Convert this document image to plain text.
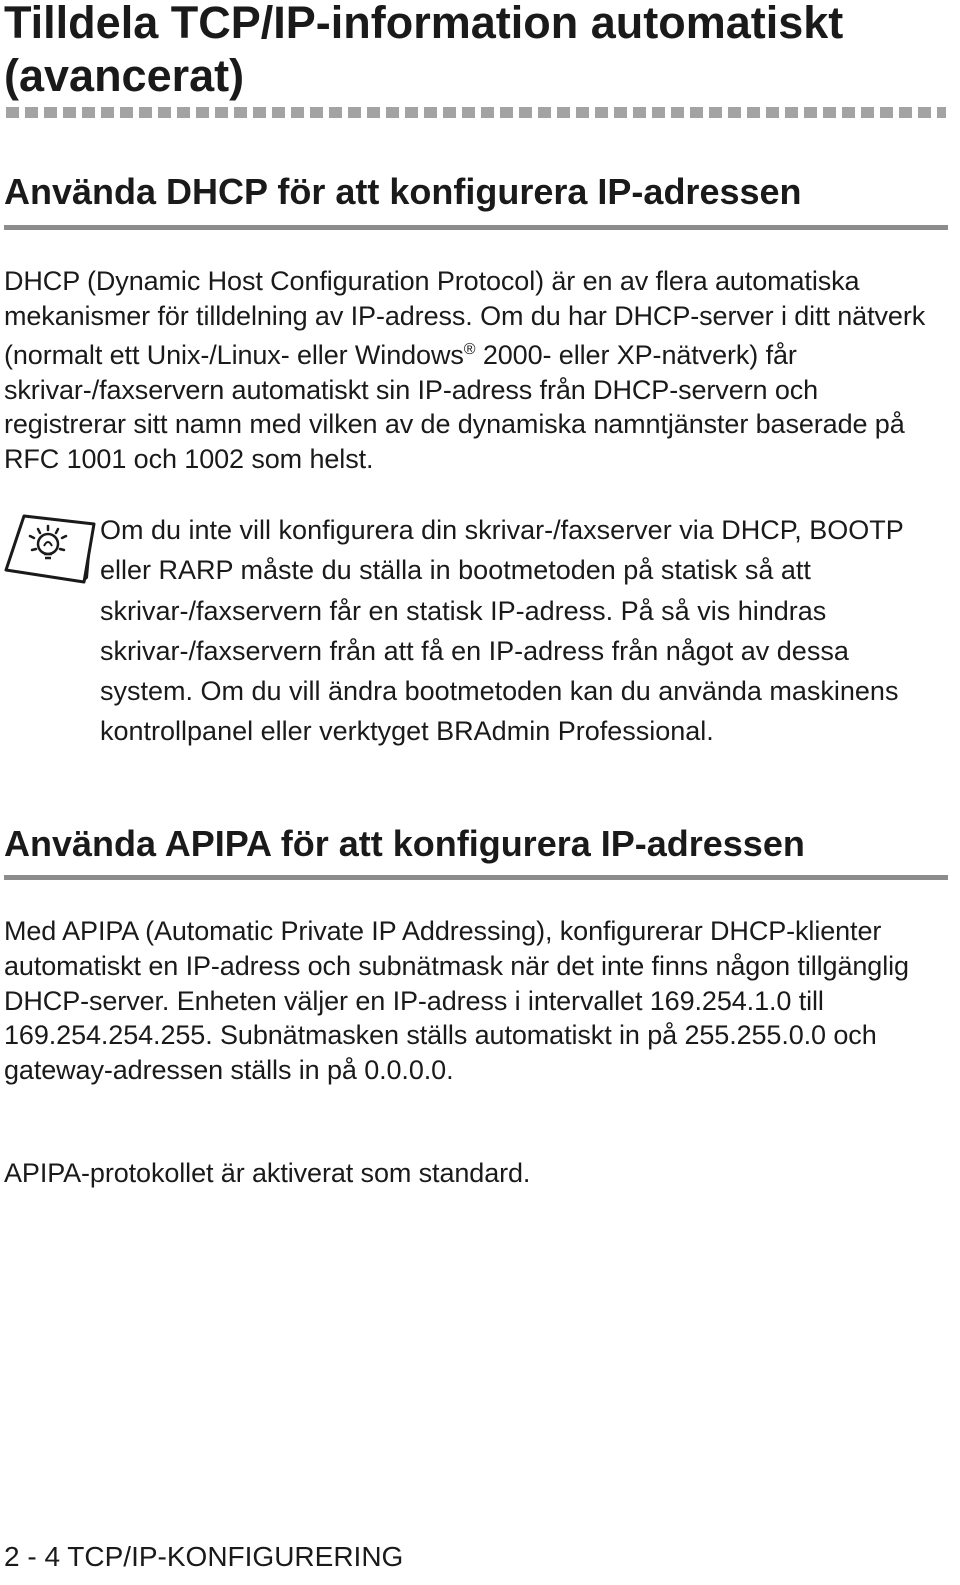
Tilldela TCP/IP-information automatiskt (avancerat)
Använda DHCP för att konfigurera IP-adressen

DHCP (Dynamic Host Configuration Protocol) är en av flera automatiska mekanismer för tilldelning av IP-adress. Om du har DHCP-server i ditt nätverk (normalt ett Unix-/Linux- eller Windows® 2000- eller XP-nätverk) får skrivar-/faxservern automatiskt sin IP-adress från DHCP-servern och registrerar sitt namn med vilken av de dynamiska namntjänster baserade på RFC 1001 och 1002 som helst.

Om du inte vill konfigurera din skrivar-/faxserver via DHCP, BOOTP eller RARP måste du ställa in bootmetoden på statisk så att skrivar-/faxservern får en statisk IP-adress. På så vis hindras skrivar-/faxservern från att få en IP-adress från något av dessa system. Om du vill ändra bootmetoden kan du använda maskinens kontrollpanel eller verktyget BRAdmin Professional.

Använda APIPA för att konfigurera IP-adressen

Med APIPA (Automatic Private IP Addressing), konfigurerar DHCP-klienter automatiskt en IP-adress och subnätmask när det inte finns någon tillgänglig DHCP-server. Enheten väljer en IP-adress i intervallet 169.254.1.0 till 169.254.254.255. Subnätmasken ställs automatiskt in på 255.255.0.0 och gateway-adressen ställs in på 0.0.0.0.

APIPA-protokollet är aktiverat som standard.

2 - 4 TCP/IP-KONFIGURERING
